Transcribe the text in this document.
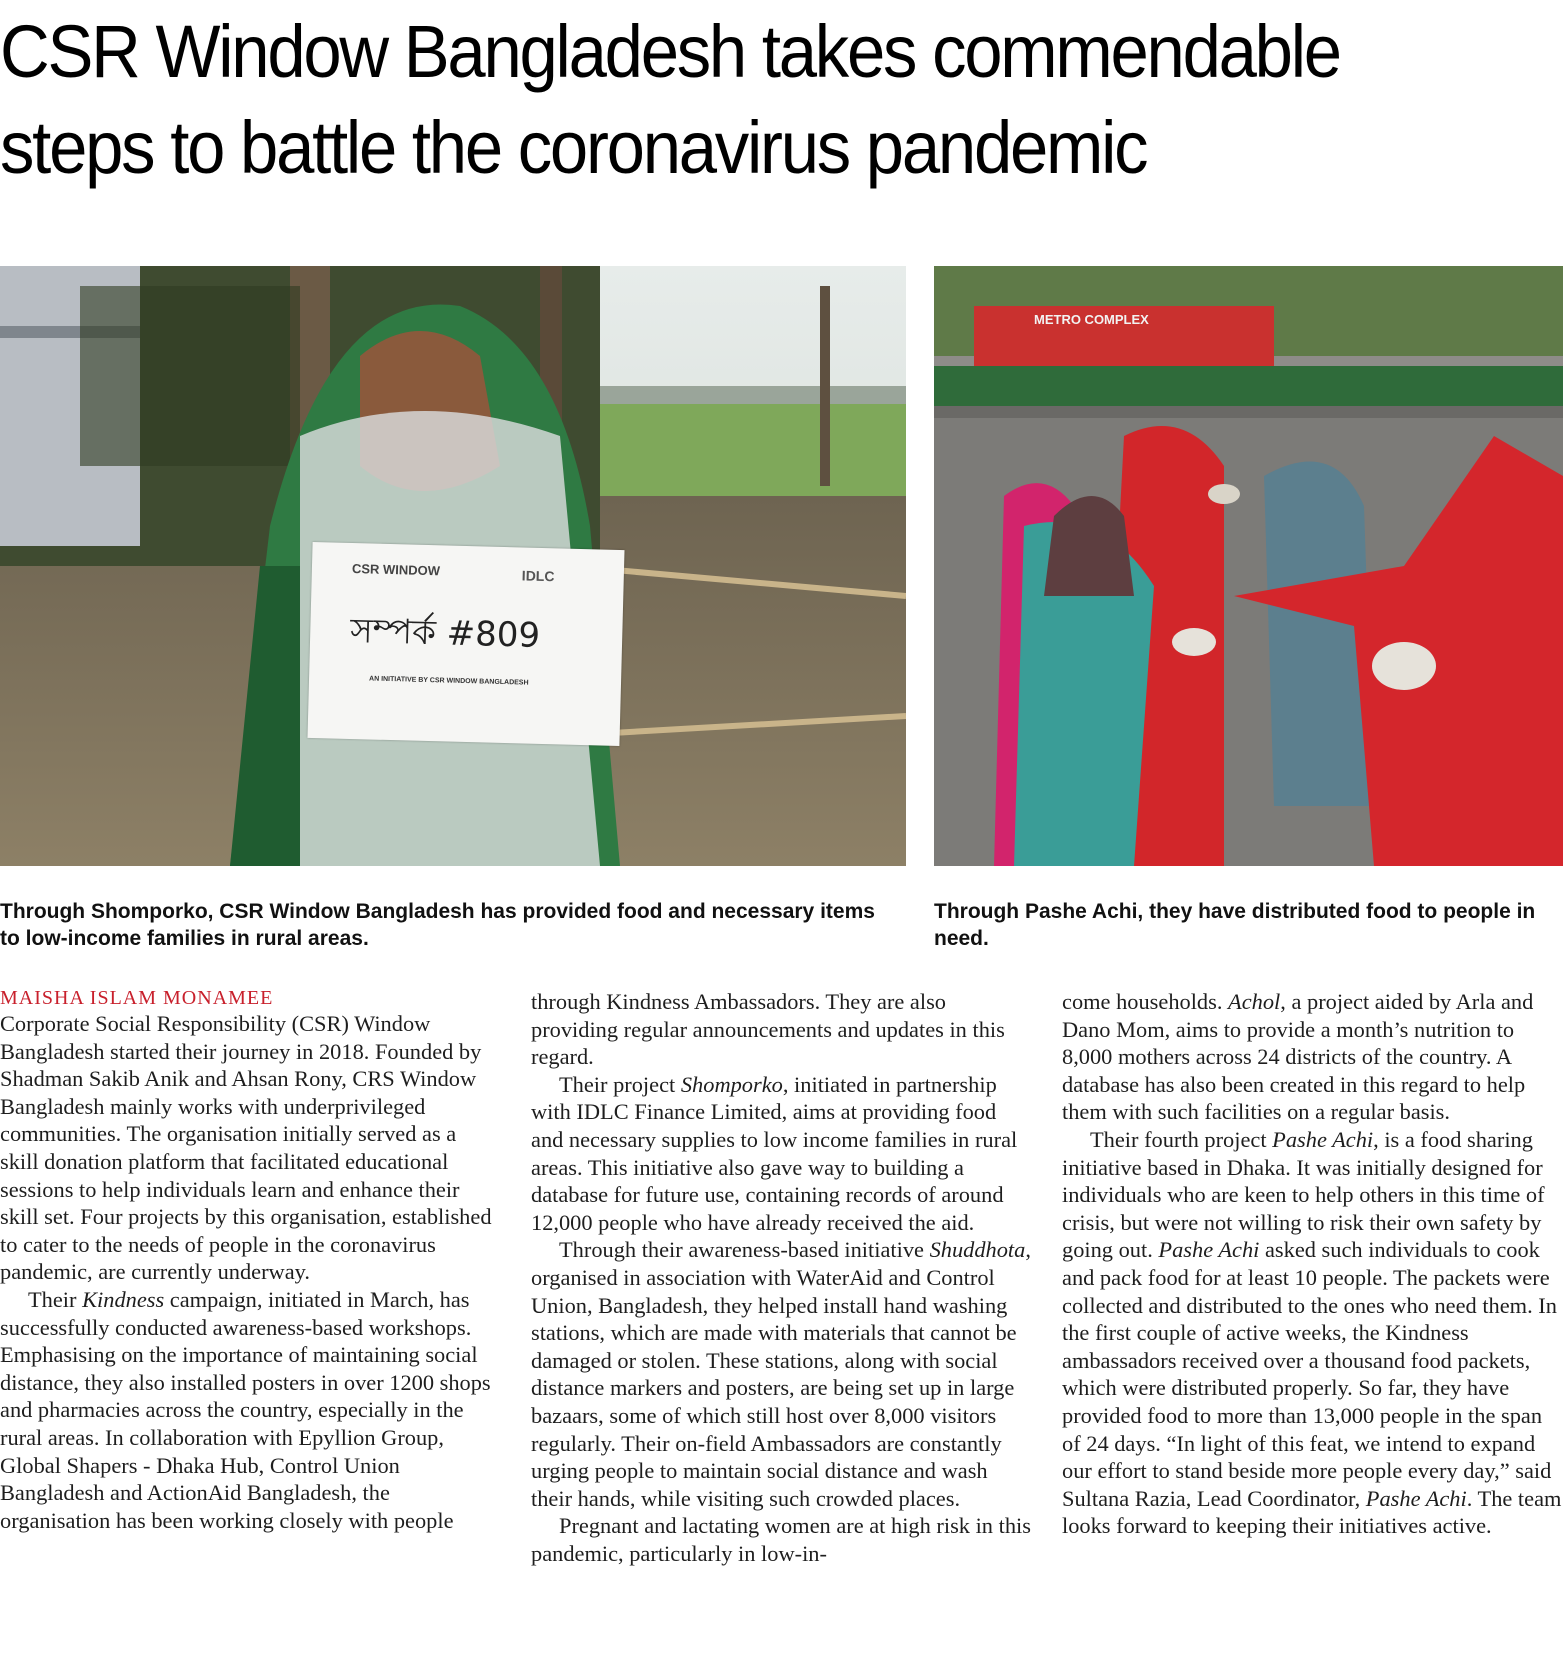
CSR Window Bangladesh takes commendable steps to battle the coronavirus pandemic
CSR WINDOW	IDLC
সম্পর্ক #809
AN INITIATIVE BY CSR WINDOW BANGLADESH
METRO COMPLEX

Through Shomporko, CSR Window Bangladesh has provided food and necessary items to low-income families in rural areas.

Through Pashe Achi, they have distributed food to people in need.

MAISHA ISLAM MONAMEE

Corporate Social Responsibility (CSR) Window Bangladesh started their journey in 2018. Founded by Shadman Sakib Anik and Ahsan Rony, CRS Window Bangladesh mainly works with underprivileged communities. The organisation initially served as a skill donation platform that facilitated educational sessions to help individuals learn and enhance their skill set. Four projects by this organisation, established to cater to the needs of people in the coronavirus pandemic, are currently underway.

Their Kindness campaign, initiated in March, has successfully conducted awareness-based workshops. Emphasising on the importance of maintaining social distance, they also installed posters in over 1200 shops and pharmacies across the country, especially in the rural areas. In collaboration with Epyllion Group, Global Shapers - Dhaka Hub, Control Union Bangladesh and ActionAid Bangladesh, the organisation has been working closely with people

through Kindness Ambassadors. They are also providing regular announcements and updates in this regard.

Their project Shomporko, initiated in partnership with IDLC Finance Limited, aims at providing food and necessary supplies to low income families in rural areas. This initiative also gave way to building a database for future use, containing records of around 12,000 people who have already received the aid.

Through their awareness-based initiative Shuddhota, organised in association with WaterAid and Control Union, Bangladesh, they helped install hand washing stations, which are made with materials that cannot be damaged or stolen. These stations, along with social distance markers and posters, are being set up in large bazaars, some of which still host over 8,000 visitors regularly. Their on-field Ambassadors are constantly urging people to maintain social distance and wash their hands, while visiting such crowded places.

Pregnant and lactating women are at high risk in this pandemic, particularly in low-in-

come households. Achol, a project aided by Arla and Dano Mom, aims to provide a month’s nutrition to 8,000 mothers across 24 districts of the country. A database has also been created in this regard to help them with such facilities on a regular basis.

Their fourth project Pashe Achi, is a food sharing initiative based in Dhaka. It was initially designed for individuals who are keen to help others in this time of crisis, but were not willing to risk their own safety by going out. Pashe Achi asked such individuals to cook and pack food for at least 10 people. The packets were collected and distributed to the ones who need them. In the first couple of active weeks, the Kindness ambassadors received over a thousand food packets, which were distributed properly. So far, they have provided food to more than 13,000 people in the span of 24 days. “In light of this feat, we intend to expand our effort to stand beside more people every day,” said Sultana Razia, Lead Coordinator, Pashe Achi. The team looks forward to keeping their initiatives active.
